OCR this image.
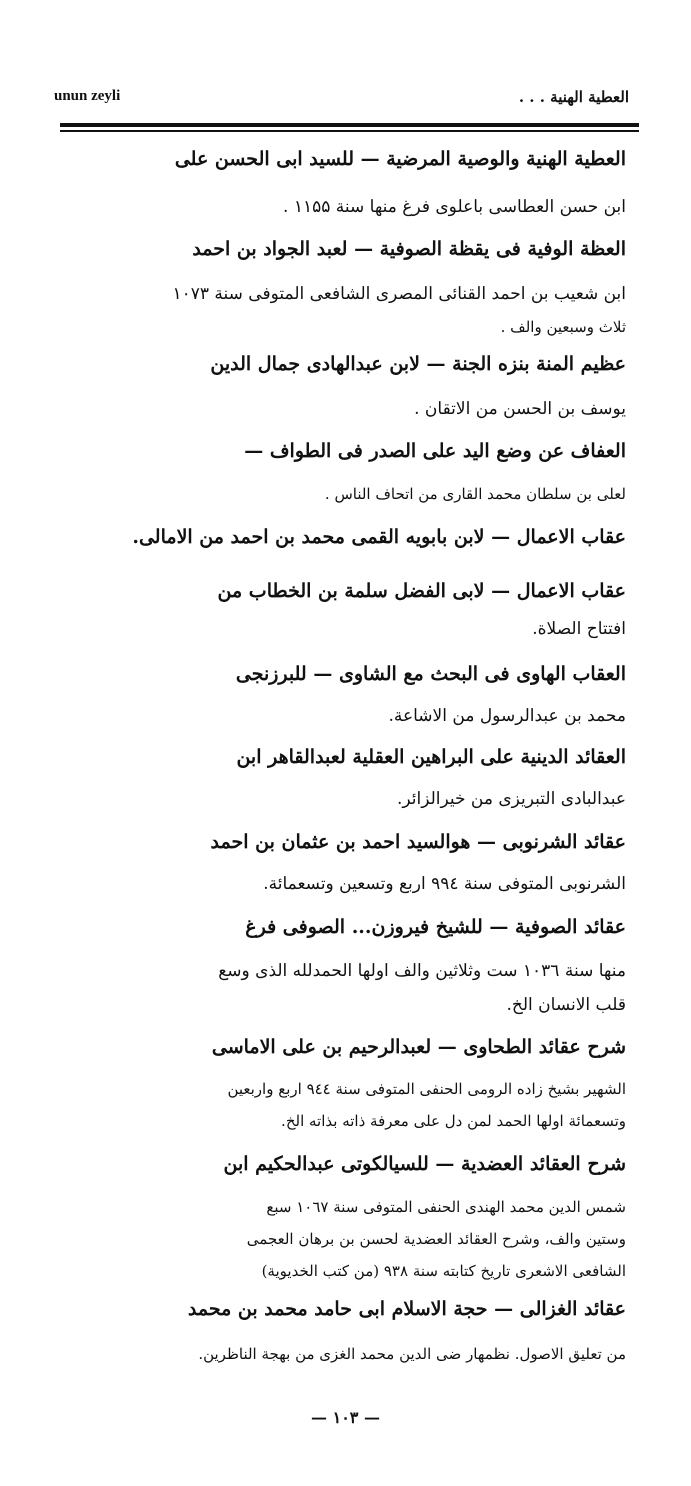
unun zeyli	العطية الهنية . . .
العطية الهنية والوصية المرضية — للسيد ابى الحسن على
ابن حسن العطاسى باعلوى فرغ منها سنة ۱۱۵۵ .
العظة الوفية فى يقظة الصوفية — لعبد الجواد بن احمد
ابن شعيب بن احمد القنائى المصرى الشافعى المتوفى سنة ۱۰۷۳
ثلاث وسبعين والف .
عظيم المنة بنزه الجنة — لابن عبدالهادى جمال الدين
يوسف بن الحسن من الاتقان .
العفاف عن وضع اليد على الصدر فى الطواف —
لعلى بن سلطان محمد القارى من اتحاف الناس .
عقاب الاعمال — لابن بابويه القمى محمد بن احمد من الامالى.
عقاب الاعمال — لابى الفضل سلمة بن الخطاب من
افتتاح الصلاة.
العقاب الهاوى فى البحث مع الشاوى — للبرزنجى
محمد بن عبدالرسول من الاشاعة.
العقائد الدينية على البراهين العقلية لعبدالقاهر ابن
عبدالبادى التبريزى من خيرالزائر.
عقائد الشرنوبى — هوالسيد احمد بن عثمان بن احمد
الشرنوبى المتوفى سنة ۹۹٤ اربع وتسعين وتسعمائة.
عقائد الصوفية — للشيخ فيروزن... الصوفى فرغ
منها سنة ۱۰۳٦ ست وثلاثين والف اولها الحمدلله الذى وسع
قلب الانسان الخ.
شرح عقائد الطحاوى — لعبدالرحيم بن على الاماسى
الشهير بشيخ زاده الرومى الحنفى المتوفى سنة ۹٤٤ اربع واربعين
وتسعمائة اولها الحمد لمن دل على معرفة ذاته بذاته الخ.
شرح العقائد العضدية — للسيالكوتى عبدالحكيم ابن
شمس الدين محمد الهندى الحنفى المتوفى سنة ۱۰٦٧ سبع
وستين والف، وشرح العقائد العضدية لحسن بن برهان العجمى
الشافعى الاشعرى تاريخ كتابته سنة ۹۳۸ (من كتب الخديوية)
عقائد الغزالى — حجة الاسلام ابى حامد محمد بن محمد
من تعليق الاصول. نظمهار ضى الدين محمد الغزى من بهجة الناظرين.
— ۱۰۳ —
